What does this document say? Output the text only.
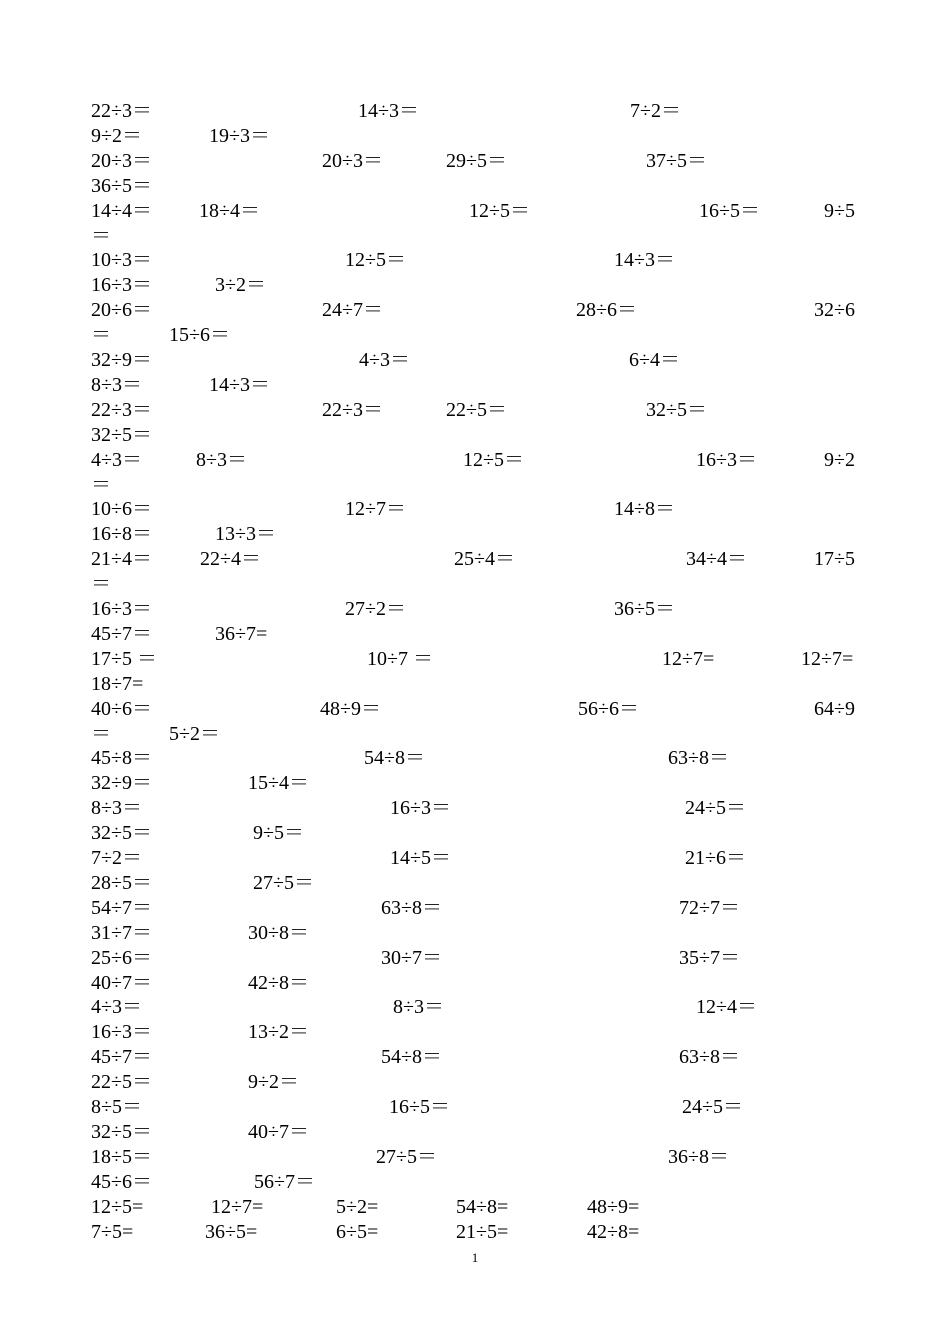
1
22÷3＝	14÷3＝	7÷2＝
9÷2＝	19÷3＝
20÷3＝	20÷3＝	29÷5＝	37÷5＝
36÷5＝
14÷4＝ 18÷4＝	12÷5＝	16÷5＝	9÷5
＝
10÷3＝	12÷5＝	14÷3＝
16÷3＝	3÷2＝
20÷6＝	24÷7＝	28÷6＝	32÷6
＝	15÷6＝
32÷9＝	4÷3＝	6÷4＝
8÷3＝	14÷3＝
22÷3＝	22÷3＝	22÷5＝	32÷5＝
32÷5＝
4÷3＝	8÷3＝	12÷5＝	16÷3＝	9÷2
＝
10÷6＝	12÷7＝	14÷8＝
16÷8＝	13÷3＝
21÷4＝ 22÷4＝	25÷4＝	34÷4＝	17÷5
＝
16÷3＝	27÷2＝	36÷5＝
45÷7＝	36÷7=
17÷5 ＝	10÷7 ＝	12÷7=	12÷7=
18÷7=
40÷6＝	48÷9＝	56÷6＝	64÷9
＝	5÷2＝
45÷8＝	54÷8＝	63÷8＝
32÷9＝	15÷4＝
8÷3＝	16÷3＝	24÷5＝
32÷5＝	9÷5＝
7÷2＝	14÷5＝	21÷6＝
28÷5＝	27÷5＝
54÷7＝	63÷8＝	72÷7＝
31÷7＝	30÷8＝
25÷6＝	30÷7＝	35÷7＝
40÷7＝	42÷8＝
4÷3＝	8÷3＝	12÷4＝
16÷3＝	13÷2＝
45÷7＝	54÷8＝	63÷8＝
22÷5＝	9÷2＝
8÷5＝	16÷5＝	24÷5＝
32÷5＝	40÷7＝
18÷5＝	27÷5＝	36÷8＝
45÷6＝	56÷7＝
12÷5=	12÷7=	5÷2=	54÷8=	48÷9=
7÷5=	36÷5=	6÷5=	21÷5=	42÷8=
